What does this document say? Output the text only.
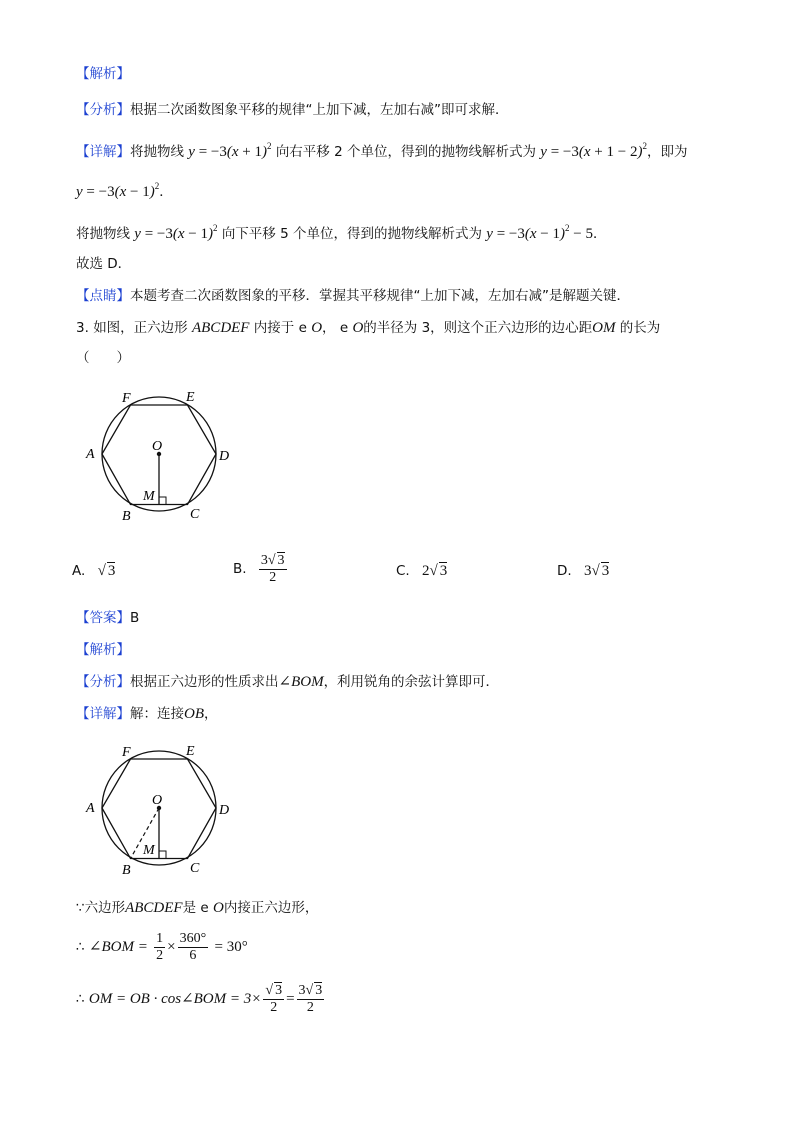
【解析】
【分析】根据二次函数图象平移的规律“上加下减，左加右减”即可求解．
【详解】将抛物线 $y = -3(x + 1)^2$ 向右平移 2 个单位，得到的抛物线解析式为 $y = -3(x + 1 - 2)^2$，即为
$y = -3(x - 1)^2$．
将抛物线 $y = -3(x - 1)^2$ 向下平移 5 个单位，得到的抛物线解析式为 $y = -3(x - 1)^2 - 5$．
故选 D．
【点睛】本题考查二次函数图象的平移．掌握其平移规律“上加下减，左加右减”是解题关键．
3. 如图，正六边形 ABCDEF 内接于 e O， e O的半径为 3，则这个正六边形的边心距OM 的长为
（　　）
F	E
A	D
O
M
B	C
A. √ 3	B. $\frac{3√ 3}{2}$	C. 2√ 3	D. 3√ 3
【答案】B
【解析】
【分析】根据正六边形的性质求出∠BOM，利用锐角的余弦计算即可．
【详解】解：连接OB，
F	E
A	D
O
M
B	C
∵六边形ABCDEF是 e O内接正六边形，
∴ ∠BOM = $\frac{1}{2} \times \frac{360^\circ}{6} = 30^\circ$
∴ OM = OB · cos∠BOM = $3\times \frac{√ 3}{2} = \frac{3√ 3}{2}$
